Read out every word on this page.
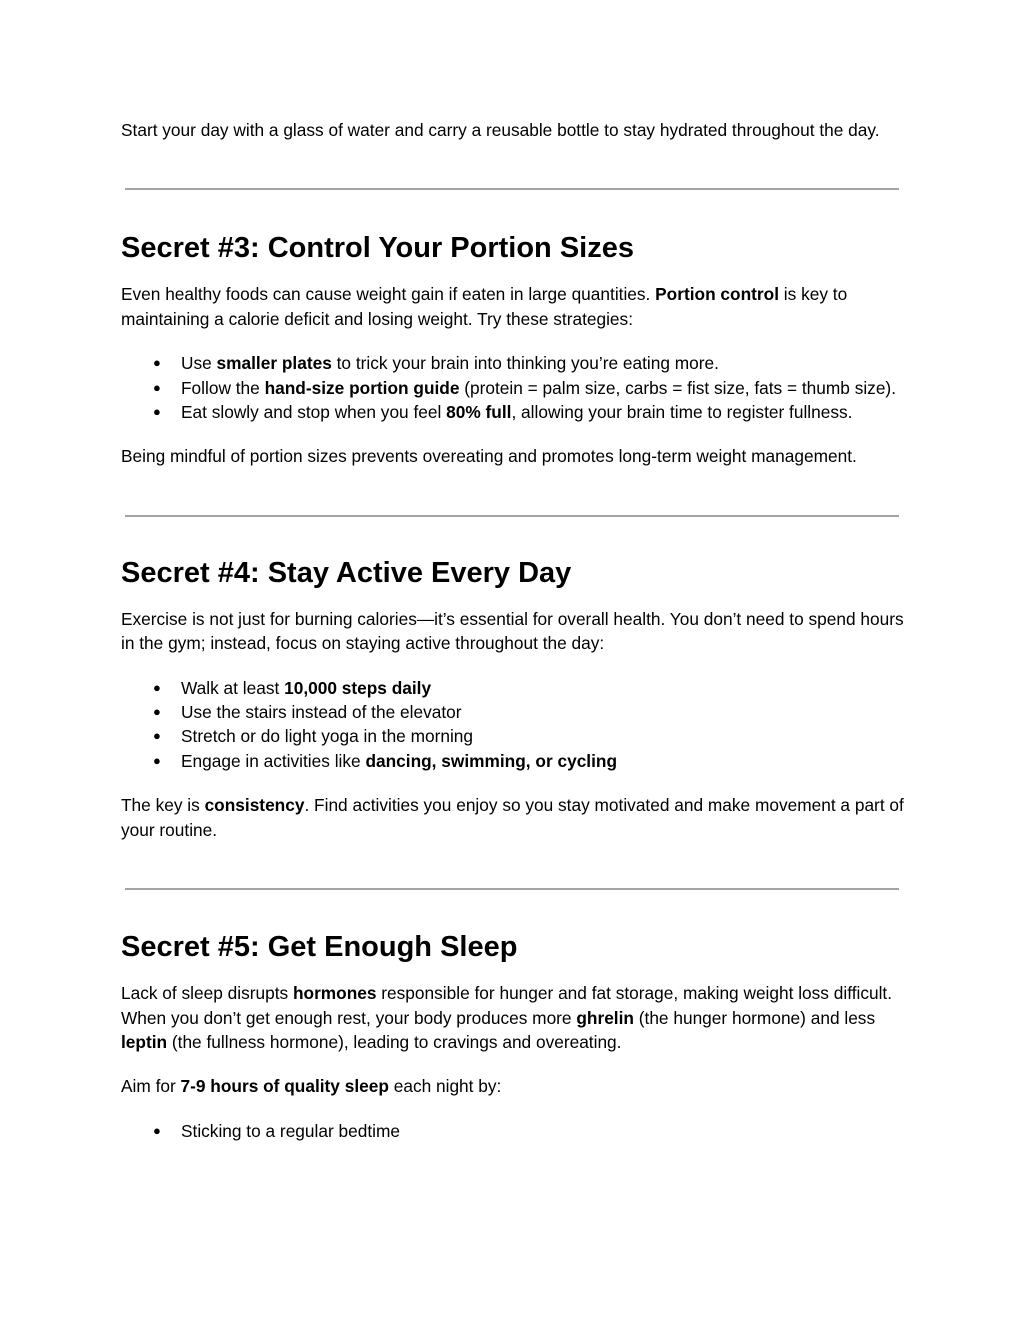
Start your day with a glass of water and carry a reusable bottle to stay hydrated throughout the day.

Secret #3: Control Your Portion Sizes

Even healthy foods can cause weight gain if eaten in large quantities. Portion control is key to maintaining a calorie deficit and losing weight. Try these strategies:

● Use smaller plates to trick your brain into thinking you’re eating more.
● Follow the hand-size portion guide (protein = palm size, carbs = fist size, fats = thumb size).
● Eat slowly and stop when you feel 80% full, allowing your brain time to register fullness.

Being mindful of portion sizes prevents overeating and promotes long-term weight management.

Secret #4: Stay Active Every Day

Exercise is not just for burning calories—it’s essential for overall health. You don’t need to spend hours in the gym; instead, focus on staying active throughout the day:

● Walk at least 10,000 steps daily
● Use the stairs instead of the elevator
● Stretch or do light yoga in the morning
● Engage in activities like dancing, swimming, or cycling

The key is consistency. Find activities you enjoy so you stay motivated and make movement a part of your routine.

Secret #5: Get Enough Sleep

Lack of sleep disrupts hormones responsible for hunger and fat storage, making weight loss difficult. When you don’t get enough rest, your body produces more ghrelin (the hunger hormone) and less leptin (the fullness hormone), leading to cravings and overeating.

Aim for 7-9 hours of quality sleep each night by:

● Sticking to a regular bedtime
